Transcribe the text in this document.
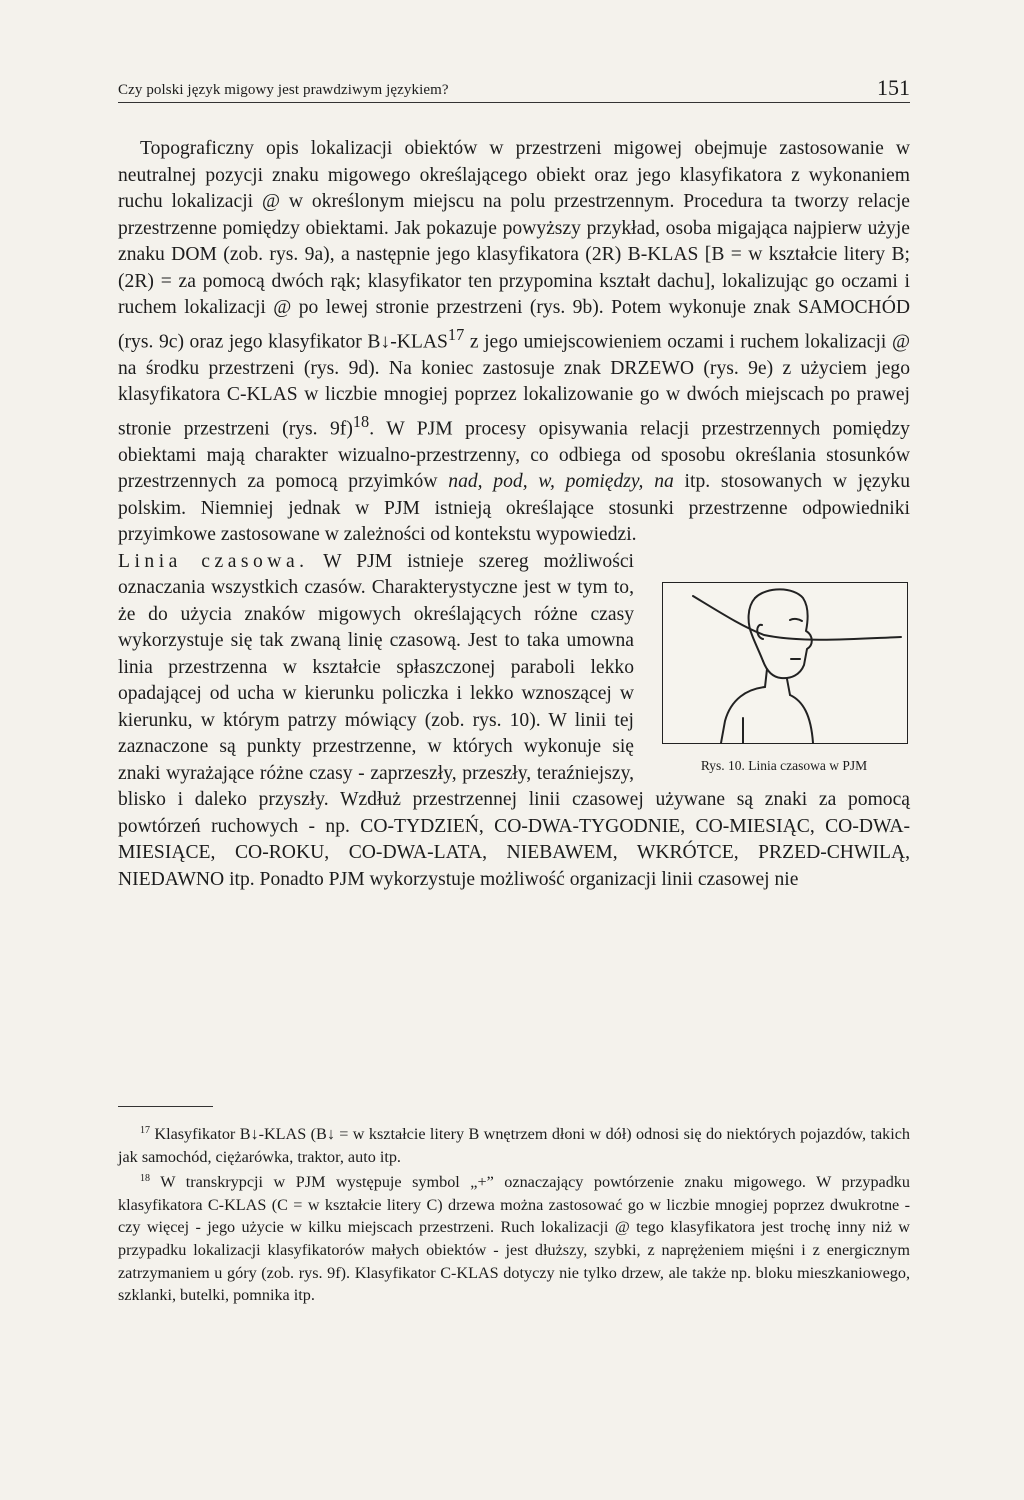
Czy polski język migowy jest prawdziwym językiem?	151

Topograficzny opis lokalizacji obiektów w przestrzeni migowej obejmuje zastosowanie w neutralnej pozycji znaku migowego określającego obiekt oraz jego klasyfikatora z wykonaniem ruchu lokalizacji @ w określonym miejscu na polu przestrzennym. Procedura ta tworzy relacje przestrzenne pomiędzy obiektami. Jak pokazuje powyższy przykład, osoba migająca najpierw użyje znaku DOM (zob. rys. 9a), a następnie jego klasyfikatora (2R) B-KLAS [B = w kształcie litery B; (2R) = za pomocą dwóch rąk; klasyfikator ten przypomina kształt dachu], lokalizując go oczami i ruchem lokalizacji @ po lewej stronie przestrzeni (rys. 9b). Potem wykonuje znak SAMOCHÓD (rys. 9c) oraz jego klasyfikator B↓-KLAS$^{17}$ z jego umiejscowieniem oczami i ruchem lokalizacji @ na środku przestrzeni (rys. 9d). Na koniec zastosuje znak DRZEWO (rys. 9e) z użyciem jego klasyfikatora C-KLAS w liczbie mnogiej poprzez lokalizowanie go w dwóch miejscach po prawej stronie przestrzeni (rys. 9f)$^{18}$. W PJM procesy opisywania relacji przestrzennych pomiędzy obiektami mają charakter wizualno-przestrzenny, co odbiega od sposobu określania stosunków przestrzennych za pomocą przyimków nad, pod, w, pomiędzy, na itp. stosowanych w języku polskim. Niemniej jednak w PJM istnieją określające stosunki przestrzenne odpowiedniki przyimkowe zastosowane w zależności od kontekstu wypowiedzi.

Rys. 10. Linia czasowa w PJM
Linia czasowa. W PJM istnieje szereg możliwości oznaczania wszystkich czasów. Charakterystyczne jest w tym to, że do użycia znaków migowych określających różne czasy wykorzystuje się tak zwaną linię czasową. Jest to taka umowna linia przestrzenna w kształcie spłaszczonej paraboli lekko opadającej od ucha w kierunku policzka i lekko wznoszącej w kierunku, w którym patrzy mówiący (zob. rys. 10). W linii tej zaznaczone są punkty przestrzenne, w których wykonuje się znaki wyrażające różne czasy - zaprzeszły, przeszły, teraźniejszy, blisko i daleko przyszły. Wzdłuż przestrzennej linii czasowej używane są znaki za pomocą powtórzeń ruchowych - np. CO-TYDZIEŃ, CO-DWA-TYGODNIE, CO-MIESIĄC, CO-DWA-MIESIĄCE, CO-ROKU, CO-DWA-LATA, NIEBAWEM, WKRÓTCE, PRZED-CHWILĄ, NIEDAWNO itp. Ponadto PJM wykorzystuje możliwość organizacji linii czasowej nie

$^{17}$ Klasyfikator B↓-KLAS (B↓ = w kształcie litery B wnętrzem dłoni w dół) odnosi się do niektórych pojazdów, takich jak samochód, ciężarówka, traktor, auto itp.

$^{18}$ W transkrypcji w PJM występuje symbol „+” oznaczający powtórzenie znaku migowego. W przypadku klasyfikatora C-KLAS (C = w kształcie litery C) drzewa można zastosować go w liczbie mnogiej poprzez dwukrotne - czy więcej - jego użycie w kilku miejscach przestrzeni. Ruch lokalizacji @ tego klasyfikatora jest trochę inny niż w przypadku lokalizacji klasyfikatorów małych obiektów - jest dłuższy, szybki, z naprężeniem mięśni i z energicznym zatrzymaniem u góry (zob. rys. 9f). Klasyfikator C-KLAS dotyczy nie tylko drzew, ale także np. bloku mieszkaniowego, szklanki, butelki, pomnika itp.
